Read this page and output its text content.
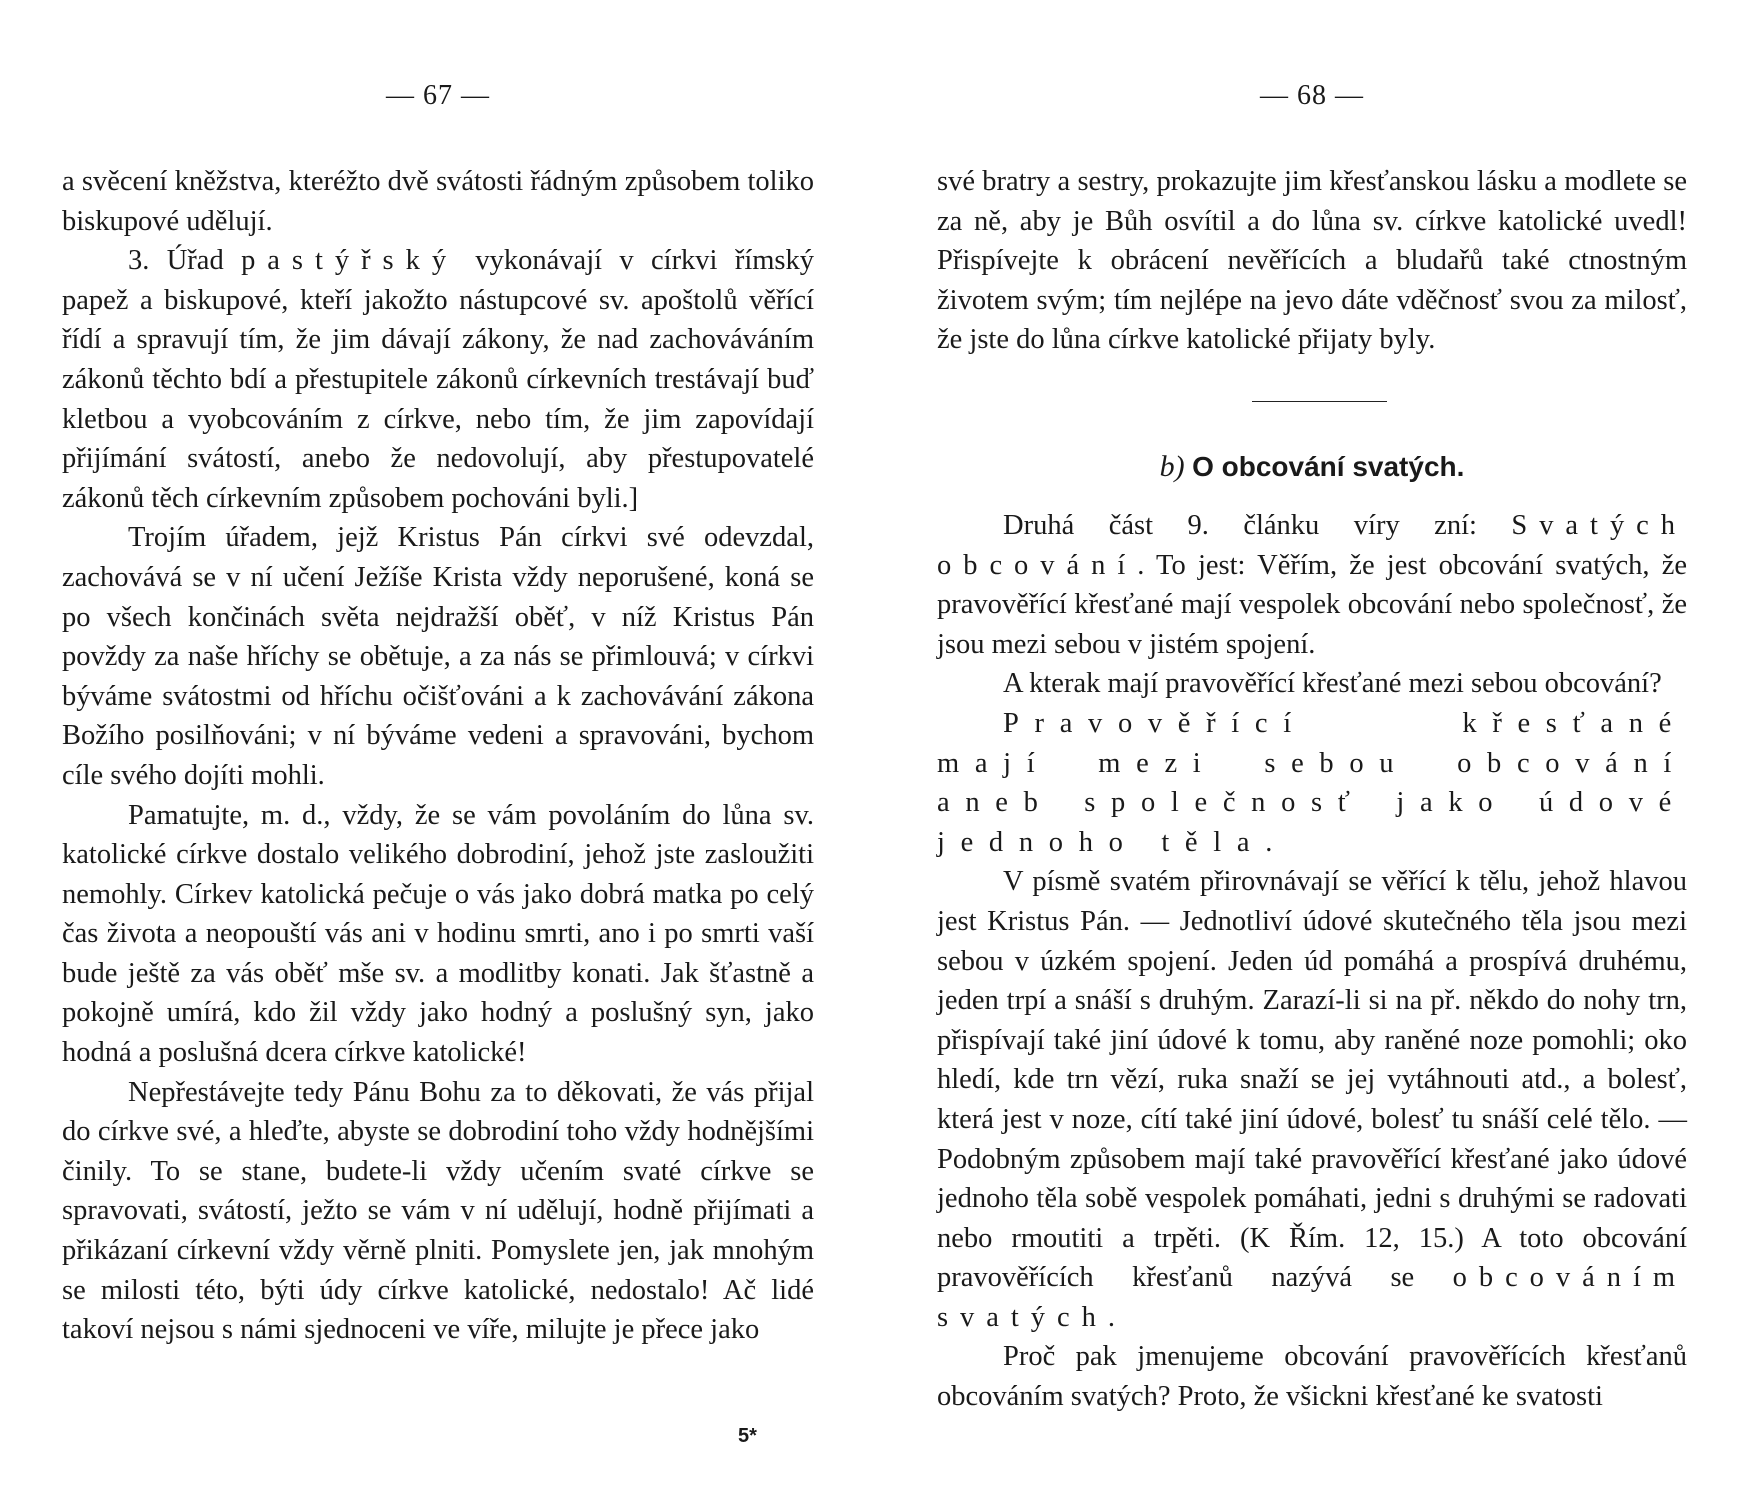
— 67 —

a svěcení kněžstva, kteréžto dvě svátosti řádným způsobem toliko biskupové udělují.

3. Úřad pastýřský vykonávají v církvi římský papež a biskupové, kteří jakožto nástupcové sv. apoštolů věřící řídí a spravují tím, že jim dávají zákony, že nad zachováváním zákonů těchto bdí a přestupitele zákonů církevních trestávají buď kletbou a vyobcováním z církve, nebo tím, že jim zapovídají přijímání svátostí, anebo že nedovolují, aby přestupovatelé zákonů těch církevním způsobem pochováni byli.]

Trojím úřadem, jejž Kristus Pán církvi své odevzdal, zachovává se v ní učení Ježíše Krista vždy neporušené, koná se po všech končinách světa nejdražší oběť, v níž Kristus Pán povždy za naše hříchy se obětuje, a za nás se přimlouvá; v církvi býváme svátostmi od hříchu očišťováni a k zachovávání zákona Božího posilňováni; v ní býváme vedeni a spravováni, bychom cíle svého dojíti mohli.

Pamatujte, m. d., vždy, že se vám povoláním do lůna sv. katolické církve dostalo velikého dobrodiní, jehož jste zasloužiti nemohly. Církev katolická pečuje o vás jako dobrá matka po celý čas života a neopouští vás ani v hodinu smrti, ano i po smrti vaší bude ještě za vás oběť mše sv. a modlitby konati. Jak šťastně a pokojně umírá, kdo žil vždy jako hodný a poslušný syn, jako hodná a poslušná dcera církve katolické!

Nepřestávejte tedy Pánu Bohu za to děkovati, že vás přijal do církve své, a hleďte, abyste se dobrodiní toho vždy hodnějšími činily. To se stane, budete-li vždy učením svaté církve se spravovati, svátostí, ježto se vám v ní udělují, hodně přijímati a přikázaní církevní vždy věrně plniti. Pomyslete jen, jak mnohým se milosti této, býti údy církve katolické, nedostalo! Ač lidé takoví nejsou s námi sjednoceni ve víře, milujte je přece jako

5*
— 68 —

své bratry a sestry, prokazujte jim křesťanskou lásku a modlete se za ně, aby je Bůh osvítil a do lůna sv. církve katolické uvedl! Přispívejte k obrácení nevěřících a bludařů také ctnostným životem svým; tím nejlépe na jevo dáte vděčnosť svou za milosť, že jste do lůna církve katolické přijaty byly.

b) O obcování svatých.

Druhá část 9. článku víry zní: Svatých obcování. To jest: Věřím, že jest obcování svatých, že pravověřící křesťané mají vespolek obcování nebo společnosť, že jsou mezi sebou v jistém spojení.

A kterak mají pravověřící křesťané mezi sebou obcování?

Pravověřící křesťané mají mezi sebou obcování aneb společnosť jako údové jednoho těla.

V písmě svatém přirovnávají se věřící k tělu, jehož hlavou jest Kristus Pán. — Jednotliví údové skutečného těla jsou mezi sebou v úzkém spojení. Jeden úd pomáhá a prospívá druhému, jeden trpí a snáší s druhým. Zarazí-li si na př. někdo do nohy trn, přispívají také jiní údové k tomu, aby raněné noze pomohli; oko hledí, kde trn vězí, ruka snaží se jej vytáhnouti atd., a bolesť, která jest v noze, cítí také jiní údové, bolesť tu snáší celé tělo. — Podobným způsobem mají také pravověřící křesťané jako údové jednoho těla sobě vespolek pomáhati, jedni s druhými se radovati nebo rmoutiti a trpěti. (K Řím. 12, 15.) A toto obcování pravověřících křesťanů nazývá se obcováním svatých.

Proč pak jmenujeme obcování pravověřících křesťanů obcováním svatých? Proto, že všickni křesťané ke svatosti
